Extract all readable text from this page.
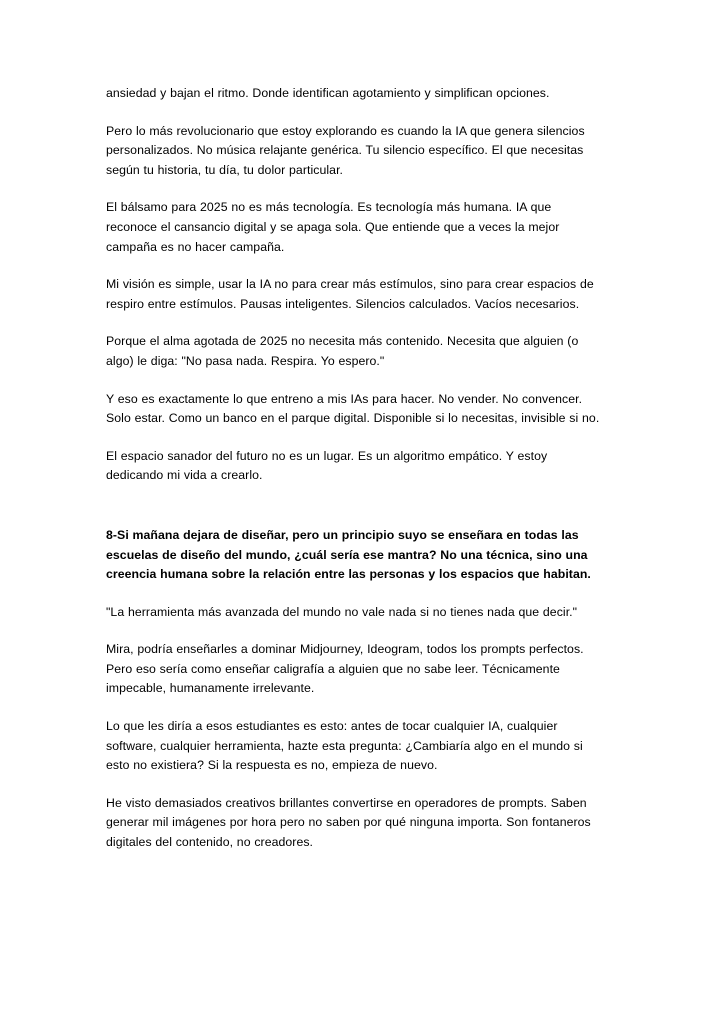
ansiedad y bajan el ritmo. Donde identifican agotamiento y simplifican opciones.

Pero lo más revolucionario que estoy explorando es cuando la IA que genera silencios personalizados. No música relajante genérica. Tu silencio específico. El que necesitas según tu historia, tu día, tu dolor particular.

El bálsamo para 2025 no es más tecnología. Es tecnología más humana. IA que reconoce el cansancio digital y se apaga sola. Que entiende que a veces la mejor campaña es no hacer campaña.

Mi visión es simple, usar la IA no para crear más estímulos, sino para crear espacios de respiro entre estímulos. Pausas inteligentes. Silencios calculados. Vacíos necesarios.

Porque el alma agotada de 2025 no necesita más contenido. Necesita que alguien (o algo) le diga: "No pasa nada. Respira. Yo espero."

Y eso es exactamente lo que entreno a mis IAs para hacer. No vender. No convencer. Solo estar. Como un banco en el parque digital. Disponible si lo necesitas, invisible si no.

El espacio sanador del futuro no es un lugar. Es un algoritmo empático. Y estoy dedicando mi vida a crearlo.

8-Si mañana dejara de diseñar, pero un principio suyo se enseñara en todas las escuelas de diseño del mundo, ¿cuál sería ese mantra? No una técnica, sino una creencia humana sobre la relación entre las personas y los espacios que habitan.

"La herramienta más avanzada del mundo no vale nada si no tienes nada que decir."

Mira, podría enseñarles a dominar Midjourney, Ideogram, todos los prompts perfectos. Pero eso sería como enseñar caligrafía a alguien que no sabe leer. Técnicamente impecable, humanamente irrelevante.

Lo que les diría a esos estudiantes es esto: antes de tocar cualquier IA, cualquier software, cualquier herramienta, hazte esta pregunta: ¿Cambiaría algo en el mundo si esto no existiera? Si la respuesta es no, empieza de nuevo.

He visto demasiados creativos brillantes convertirse en operadores de prompts. Saben generar mil imágenes por hora pero no saben por qué ninguna importa. Son fontaneros digitales del contenido, no creadores.
